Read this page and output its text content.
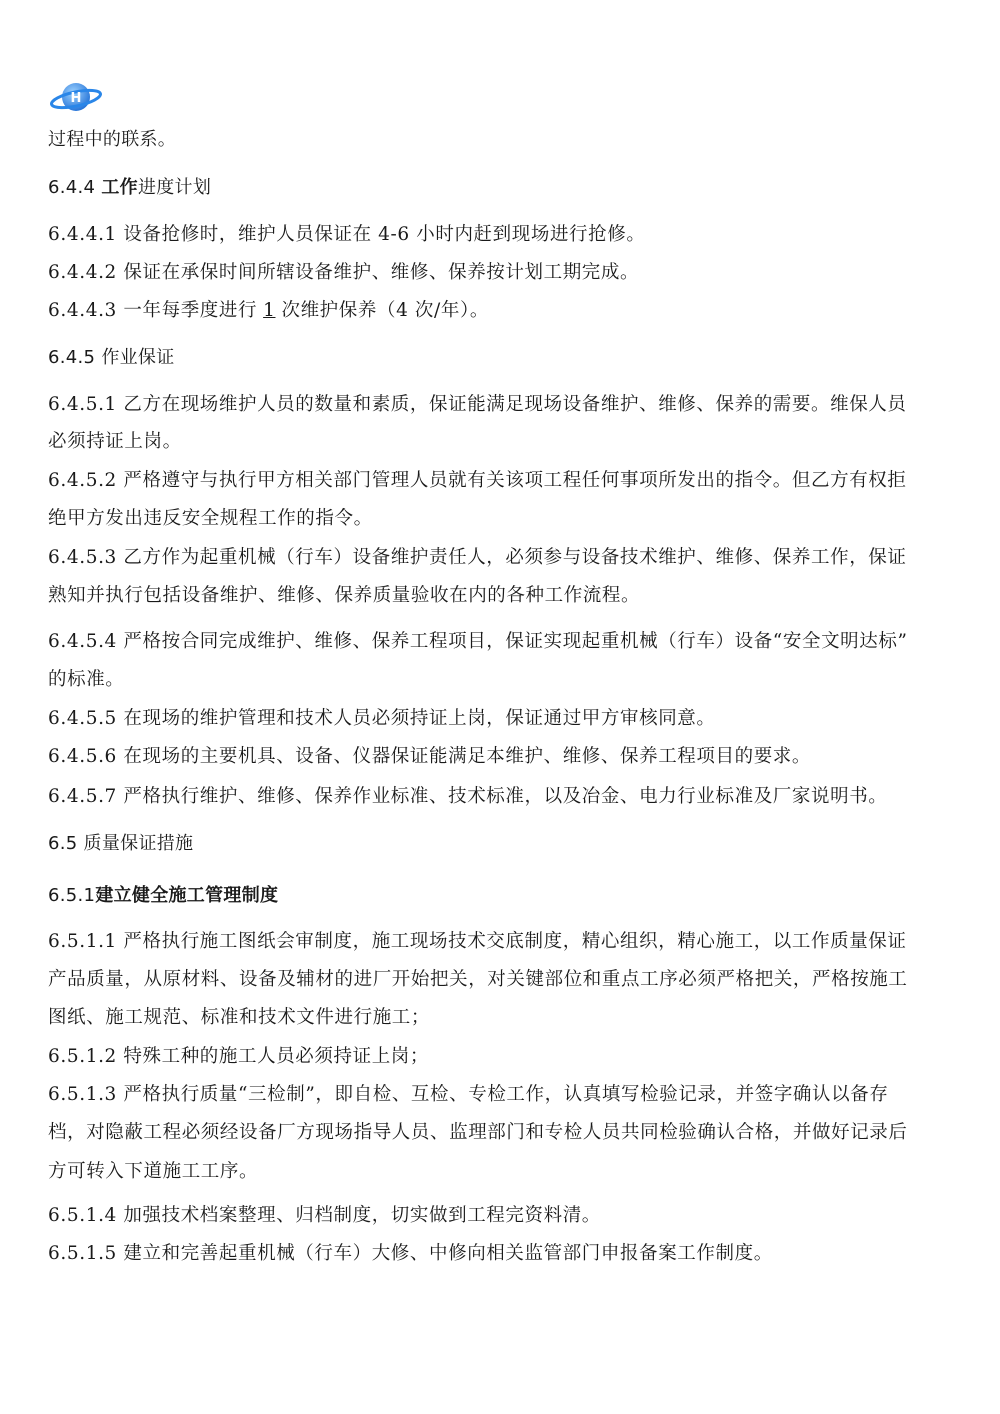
H
过程中的联系。
6.4.4 工作进度计划
6.4.4.1 设备抢修时，维护人员保证在 4-6 小时内赶到现场进行抢修。
6.4.4.2 保证在承保时间所辖设备维护、维修、保养按计划工期完成。
6.4.4.3 一年每季度进行 1 次维护保养（4 次/年）。
6.4.5 作业保证
6.4.5.1 乙方在现场维护人员的数量和素质，保证能满足现场设备维护、维修、保养的需要。维保人员
必须持证上岗。
6.4.5.2 严格遵守与执行甲方相关部门管理人员就有关该项工程任何事项所发出的指令。但乙方有权拒
绝甲方发出违反安全规程工作的指令。
6.4.5.3 乙方作为起重机械（行车）设备维护责任人，必须参与设备技术维护、维修、保养工作，保证
熟知并执行包括设备维护、维修、保养质量验收在内的各种工作流程。
6.4.5.4 严格按合同完成维护、维修、保养工程项目，保证实现起重机械（行车）设备“安全文明达标”
的标准。
6.4.5.5 在现场的维护管理和技术人员必须持证上岗，保证通过甲方审核同意。
6.4.5.6 在现场的主要机具、设备、仪器保证能满足本维护、维修、保养工程项目的要求。
6.4.5.7 严格执行维护、维修、保养作业标准、技术标准，以及冶金、电力行业标准及厂家说明书。
6.5 质量保证措施
6.5.1建立健全施工管理制度
6.5.1.1 严格执行施工图纸会审制度，施工现场技术交底制度，精心组织，精心施工，以工作质量保证
产品质量，从原材料、设备及辅材的进厂开始把关，对关键部位和重点工序必须严格把关，严格按施工
图纸、施工规范、标准和技术文件进行施工；
6.5.1.2 特殊工种的施工人员必须持证上岗；
6.5.1.3 严格执行质量“三检制”，即自检、互检、专检工作，认真填写检验记录，并签字确认以备存
档，对隐蔽工程必须经设备厂方现场指导人员、监理部门和专检人员共同检验确认合格，并做好记录后
方可转入下道施工工序。
6.5.1.4 加强技术档案整理、归档制度，切实做到工程完资料清。
6.5.1.5 建立和完善起重机械（行车）大修、中修向相关监管部门申报备案工作制度。
